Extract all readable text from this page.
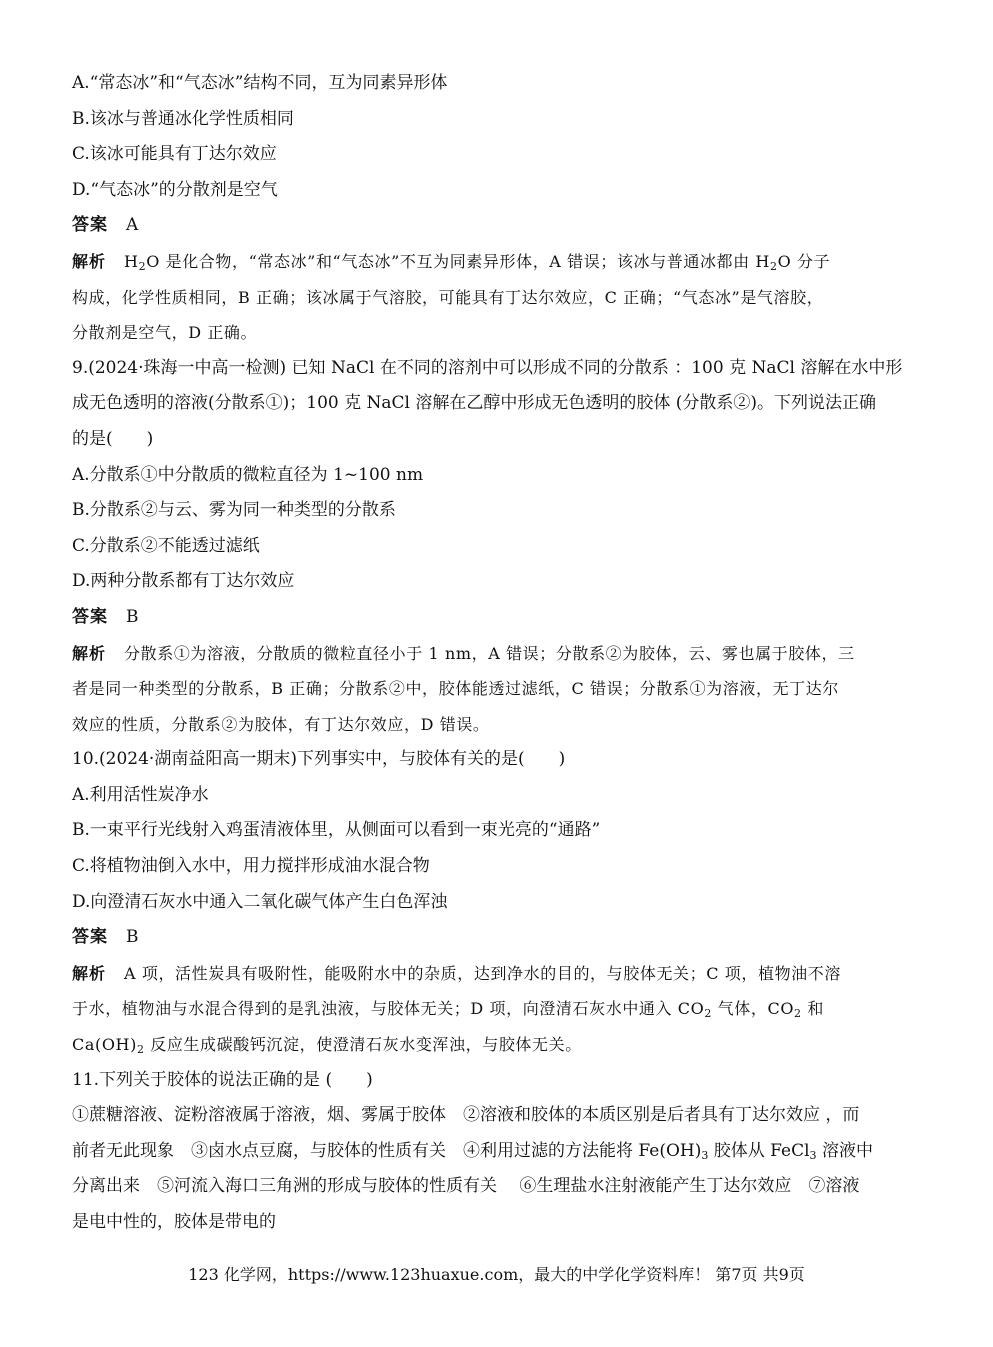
A.“常态冰”和“气态冰”结构不同，互为同素异形体
B.该冰与普通冰化学性质相同
C.该冰可能具有丁达尔效应
D.“气态冰”的分散剂是空气
答案 A
解析 $H_2O$ 是化合物，“常态冰”和“气态冰”不互为同素异形体，A 错误；该冰与普通冰都由 $H_2O$ 分子
构成，化学性质相同，B 正确；该冰属于气溶胶，可能具有丁达尔效应，C 正确；“气态冰”是气溶胶，
分散剂是空气，D 正确。
9.(2024·珠海一中高一检测) 已知 NaCl 在不同的溶剂中可以形成不同的分散系 ：100 克 NaCl 溶解在水中形
成无色透明的溶液(分散系①)；100 克 NaCl 溶解在乙醇中形成无色透明的胶体 (分散系②)。下列说法正确
的是(　　)
A.分散系①中分散质的微粒直径为 1~100 nm
B.分散系②与云、雾为同一种类型的分散系
C.分散系②不能透过滤纸
D.两种分散系都有丁达尔效应
答案 B
解析 分散系①为溶液，分散质的微粒直径小于 1 nm，A 错误；分散系②为胶体，云、雾也属于胶体，三
者是同一种类型的分散系，B 正确；分散系②中，胶体能透过滤纸，C 错误；分散系①为溶液，无丁达尔
效应的性质，分散系②为胶体，有丁达尔效应，D 错误。
10.(2024·湖南益阳高一期末)下列事实中，与胶体有关的是(　　)
A.利用活性炭净水
B.一束平行光线射入鸡蛋清液体里，从侧面可以看到一束光亮的“通路”
C.将植物油倒入水中，用力搅拌形成油水混合物
D.向澄清石灰水中通入二氧化碳气体产生白色浑浊
答案 B
解析 A 项，活性炭具有吸附性，能吸附水中的杂质，达到净水的目的，与胶体无关；C 项，植物油不溶
于水，植物油与水混合得到的是乳浊液，与胶体无关；D 项，向澄清石灰水中通入 $CO_2$ 气体，$CO_2$ 和
$Ca(OH)_2$ 反应生成碳酸钙沉淀，使澄清石灰水变浑浊，与胶体无关。
11.下列关于胶体的说法正确的是 (　　)
①蔗糖溶液、淀粉溶液属于溶液，烟、雾属于胶体　②溶液和胶体的本质区别是后者具有丁达尔效应 ，而
前者无此现象　③卤水点豆腐，与胶体的性质有关　④利用过滤的方法能将 $Fe(OH)_3$ 胶体从 FeCl$_3$ 溶液中
分离出来　⑤河流入海口三角洲的形成与胶体的性质有关　 ⑥生理盐水注射液能产生丁达尔效应　⑦溶液
是电中性的，胶体是带电的
123 化学网，https://www.123huaxue.com，最大的中学化学资料库！ 第7页 共9页
